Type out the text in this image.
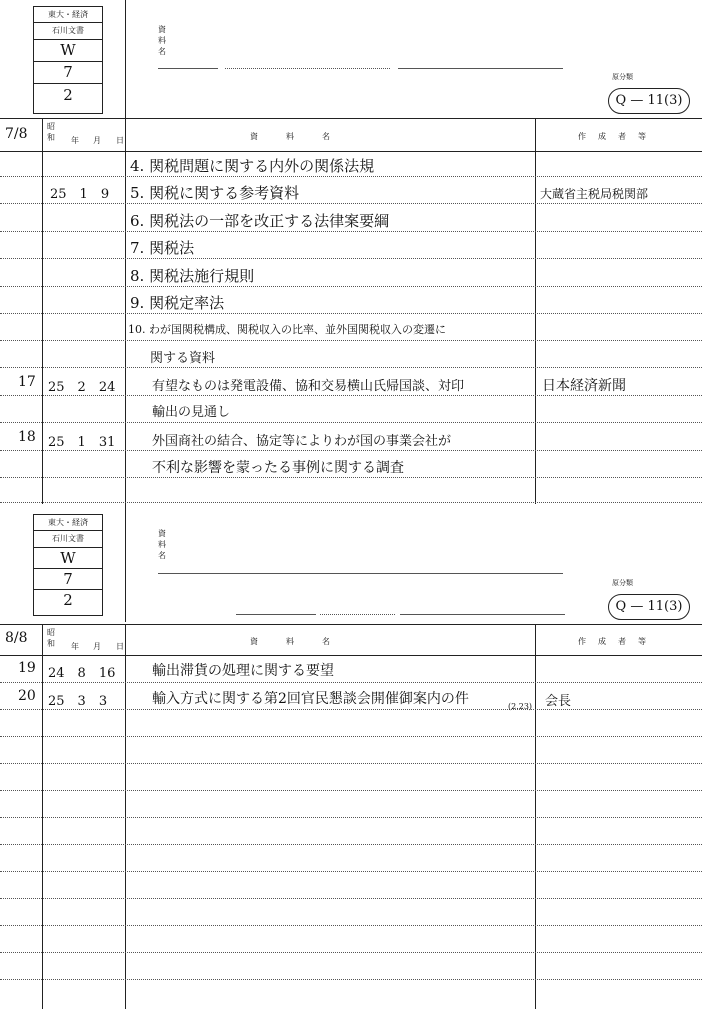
東大・経済
石川文書
W
7
2
資料名
原分類
Q — 11(3)
7/8 昭和 年 月 日	資　料　名	作　成　者　等
4. 関税問題に関する内外の関係法規
25　1　9 5. 関税に関する参考資料	大蔵省主税局税関部
6. 関税法の一部を改正する法律案要綱
7. 関税法
8. 関税法施行規則
9. 関税定率法
10. わが国関税構成、関税収入の比率、並外国関税収入の変遷に
関する資料
17 25　2　24	有望なものは発電設備、協和交易横山氏帰国談、対印	日本経済新聞
輸出の見通し
18 25　1　31	外国商社の結合、協定等によりわが国の事業会社が
不利な影響を蒙ったる事例に関する調査
東大・経済
石川文書
W
7
2
資料名
原分類
Q — 11(3)
8/8 昭和 年 月 日
資　料　名	作　成　者　等
19 24　8　16	輸出滞貨の処理に関する要望
20 25　3　3	輸入方式に関する第2回官民懇談会開催御案内の件	(2.23) 会長
